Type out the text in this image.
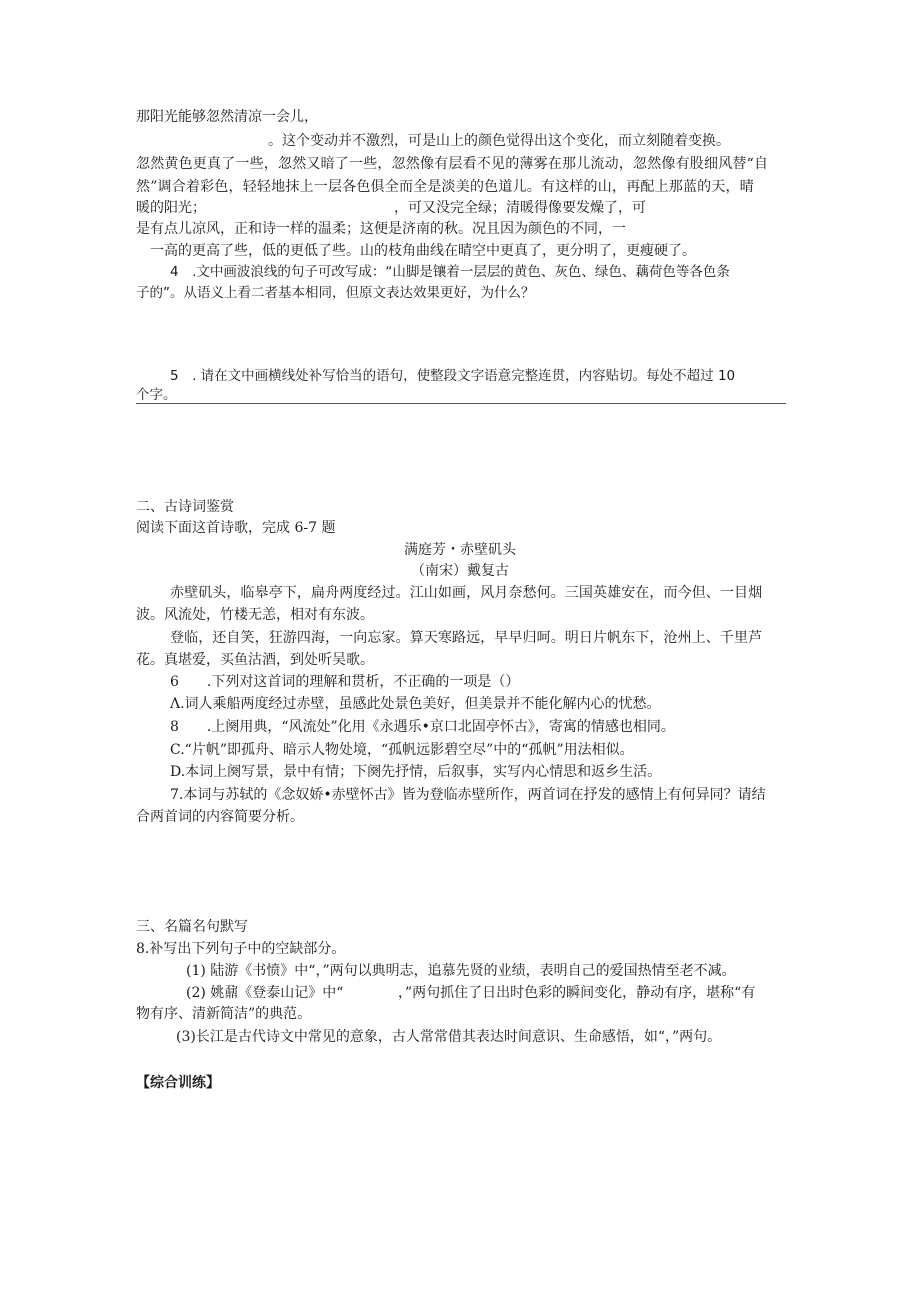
那阳光能够忽然清凉一会儿，
。这个变动并不激烈，可是山上的颜色觉得出这个变化，而立刻随着变换。
忽然黄色更真了一些，忽然又暗了一些，忽然像有层看不见的薄雾在那儿流动，忽然像有股细风替“自
然”调合着彩色，轻轻地抹上一层各色俱全而全是淡美的色道儿。有这样的山，再配上那蓝的天，晴
暖的阳光；	，可又没完全绿；清暖得像要发燥了，可
是有点儿凉风，正和诗一样的温柔；这便是济南的秋。况且因为颜色的不同，一
一高的更高了些，低的更低了些。山的枝角曲线在晴空中更真了，更分明了，更瘦硬了。
4　.文中画波浪线的句子可改写成：“山脚是镶着一层层的黄色、灰色、绿色、藕荷色等各色条
子的”。从语义上看二者基本相同，但原文表达效果更好，为什么？
5　. 请在文中画横线处补写恰当的语句，使整段文字语意完整连贯，内容贴切。每处不超过 10
个字。
二、古诗词鉴赏
阅读下面这首诗歌，完成 6-7 题
满庭芳・赤壁矶头
（南宋）戴复古
赤壁矶头，临皋亭下，扁舟两度经过。江山如画，风月奈愁何。三国英雄安在，而今但、一目烟
波。风流处，竹楼无恙，相对有东波。
登临，还自笑，狂游四海，一向忘家。算天寒路远，早早归呵。明日片帆东下，沧州上、千里芦
花。真堪爱，买鱼沽酒，到处听吴歌。
6　　.下列对这首词的理解和贯析，不正确的一项是（）
Λ.词人乘船两度经过赤壁，虽感此处景色美好，但美景并不能化解内心的忧愁。
8　　.上阕用典，“风流处”化用《永遇乐•京口北固亭怀古》，寄寓的情感也相同。
C.“片帆”即孤舟、暗示人物处境，“孤帆远影碧空尽”中的“孤帆”用法相似。
D.本词上阕写景，景中有情；下阕先抒情，后叙事，实写内心情思和返乡生活。
7.本词与苏轼的《念奴娇•赤壁怀古》皆为登临赤壁所作，两首词在抒发的感情上有何异同？请结
合两首词的内容简要分析。
三、名篇名句默写
8.补写出下列句子中的空缺部分。
(1) 陆游《书愤》中“，”两句以典明志，追慕先贤的业绩，表明自己的爱国热情至老不减。
(2) 姚鼐《登泰山记》中“	，”两句抓住了日出时色彩的瞬间变化，静动有序，堪称“有
物有序、清新简洁”的典范。
(3)长江是古代诗文中常见的意象，古人常常借其表达时间意识、生命感悟，如“，”两句。
【综合训练】
